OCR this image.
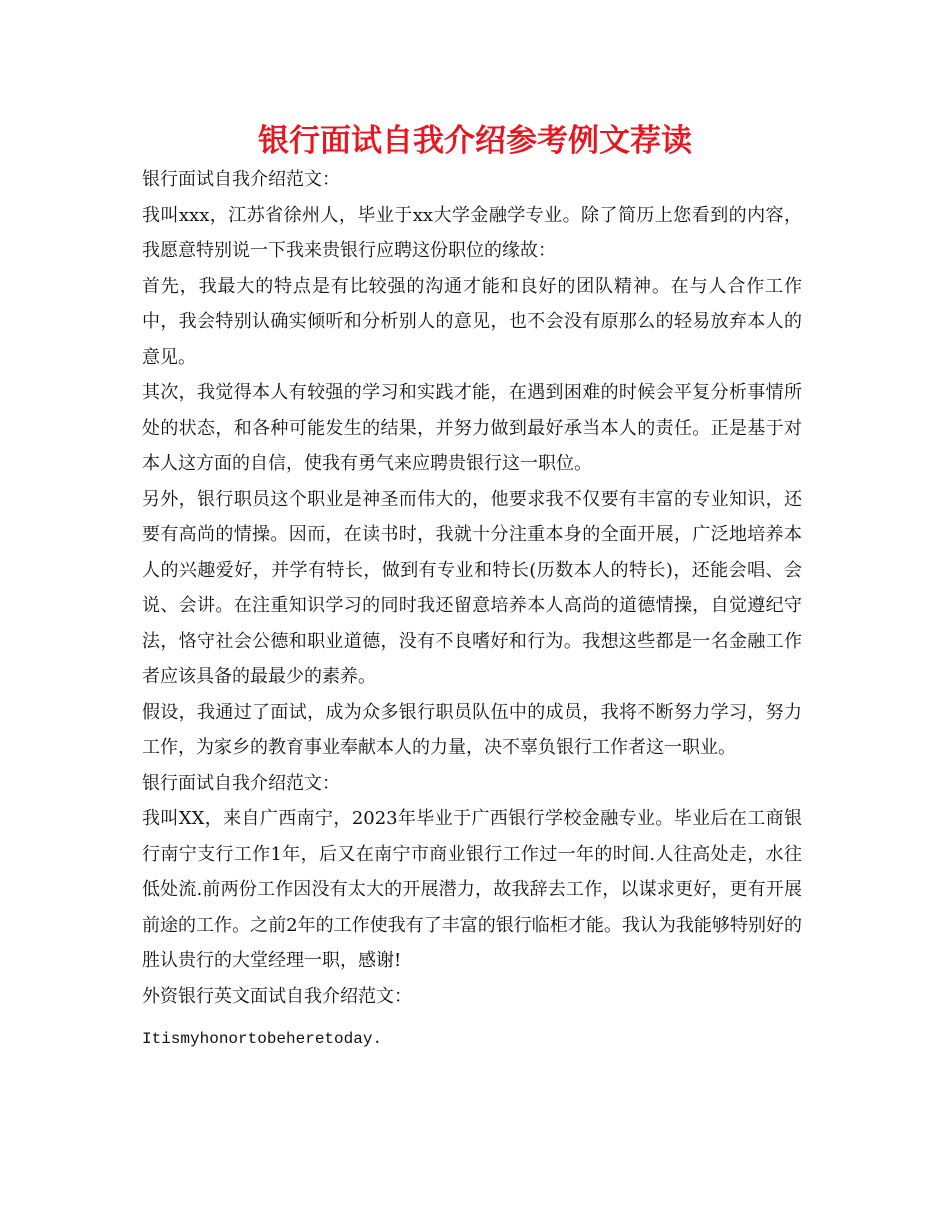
银行面试自我介绍参考例文荐读

银行面试自我介绍范文：

我叫xxx，江苏省徐州人，毕业于xx大学金融学专业。除了简历上您看到的内容，我愿意特别说一下我来贵银行应聘这份职位的缘故：

首先，我最大的特点是有比较强的沟通才能和良好的团队精神。在与人合作工作中，我会特别认确实倾听和分析别人的意见，也不会没有原那么的轻易放弃本人的意见。

其次，我觉得本人有较强的学习和实践才能，在遇到困难的时候会平复分析事情所处的状态，和各种可能发生的结果，并努力做到最好承当本人的责任。正是基于对本人这方面的自信，使我有勇气来应聘贵银行这一职位。

另外，银行职员这个职业是神圣而伟大的，他要求我不仅要有丰富的专业知识，还要有高尚的情操。因而，在读书时，我就十分注重本身的全面开展，广泛地培养本人的兴趣爱好，并学有特长，做到有专业和特长(历数本人的特长)，还能会唱、会说、会讲。在注重知识学习的同时我还留意培养本人高尚的道德情操，自觉遵纪守法，恪守社会公德和职业道德，没有不良嗜好和行为。我想这些都是一名金融工作者应该具备的最最少的素养。

假设，我通过了面试，成为众多银行职员队伍中的成员，我将不断努力学习，努力工作，为家乡的教育事业奉献本人的力量，决不辜负银行工作者这一职业。

银行面试自我介绍范文：

我叫XX，来自广西南宁，2023年毕业于广西银行学校金融专业。毕业后在工商银行南宁支行工作1年，后又在南宁市商业银行工作过一年的时间.人往高处走，水往低处流.前两份工作因没有太大的开展潜力，故我辞去工作，以谋求更好，更有开展前途的工作。之前2年的工作使我有了丰富的银行临柜才能。我认为我能够特别好的胜认贵行的大堂经理一职，感谢!

外资银行英文面试自我介绍范文：

Itismyhonortobeheretoday.
